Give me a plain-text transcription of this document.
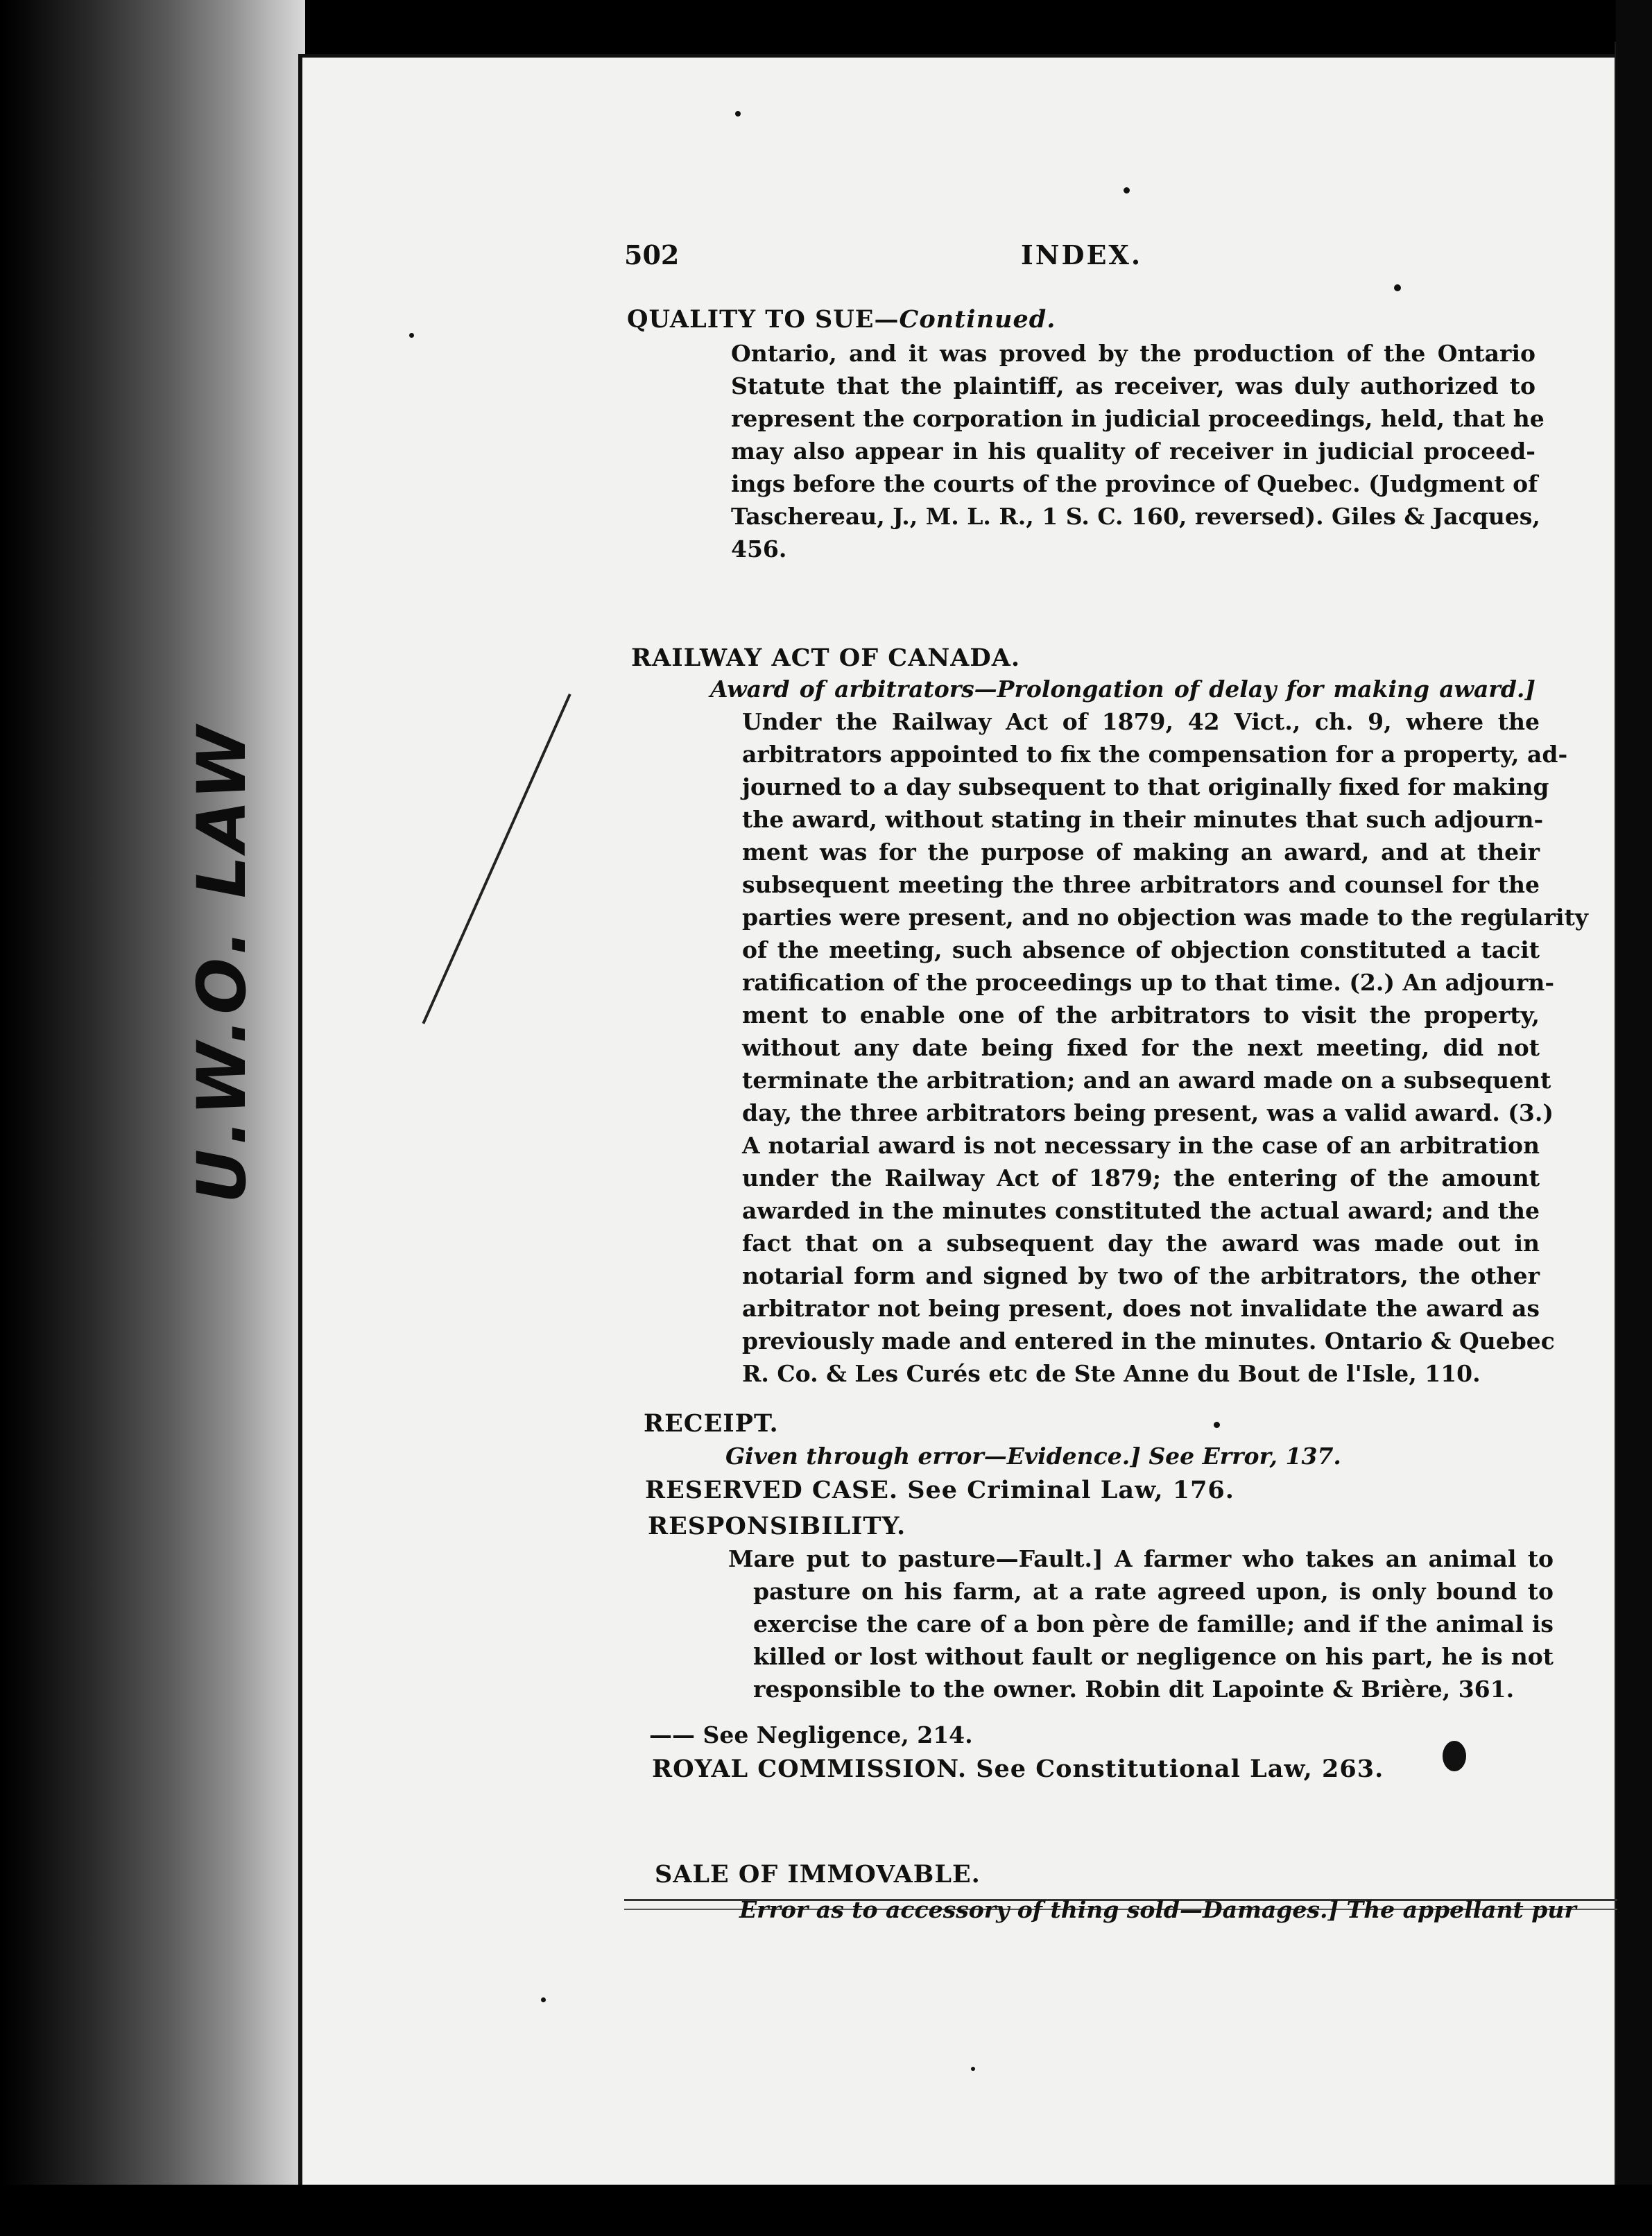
U.W.O. LAW
502	INDEX.
QUALITY TO SUE—Continued.
Ontario, and it was proved by the production of the Ontario
Statute that the plaintiff, as receiver, was duly authorized to
represent the corporation in judicial proceedings, held, that he
may also appear in his quality of receiver in judicial proceed-
ings before the courts of the province of Quebec. (Judgment of
Taschereau, J., M. L. R., 1 S. C. 160, reversed). Giles & Jacques,
456.
RAILWAY ACT OF CANADA.
Award of arbitrators—Prolongation of delay for making award.]
Under the Railway Act of 1879, 42 Vict., ch. 9, where the
arbitrators appointed to fix the compensation for a property, ad-
journed to a day subsequent to that originally fixed for making
the award, without stating in their minutes that such adjourn-
ment was for the purpose of making an award, and at their
subsequent meeting the three arbitrators and counsel for the
parties were present, and no objection was made to the regularity
of the meeting, such absence of objection constituted a tacit
ratification of the proceedings up to that time. (2.) An adjourn-
ment to enable one of the arbitrators to visit the property,
without any date being fixed for the next meeting, did not
terminate the arbitration; and an award made on a subsequent
day, the three arbitrators being present, was a valid award. (3.)
A notarial award is not necessary in the case of an arbitration
under the Railway Act of 1879; the entering of the amount
awarded in the minutes constituted the actual award; and the
fact that on a subsequent day the award was made out in
notarial form and signed by two of the arbitrators, the other
arbitrator not being present, does not invalidate the award as
previously made and entered in the minutes. Ontario & Quebec
R. Co. & Les Curés etc de Ste Anne du Bout de l'Isle, 110.
RECEIPT.
Given through error—Evidence.] See Error, 137.
RESERVED CASE. See Criminal Law, 176.
RESPONSIBILITY.
Mare put to pasture—Fault.] A farmer who takes an animal to
pasture on his farm, at a rate agreed upon, is only bound to
exercise the care of a bon père de famille; and if the animal is
killed or lost without fault or negligence on his part, he is not
responsible to the owner. Robin dit Lapointe & Brière, 361.
—— See Negligence, 214.
ROYAL COMMISSION. See Constitutional Law, 263.
SALE OF IMMOVABLE.
Error as to accessory of thing sold—Damages.] The appellant pur
